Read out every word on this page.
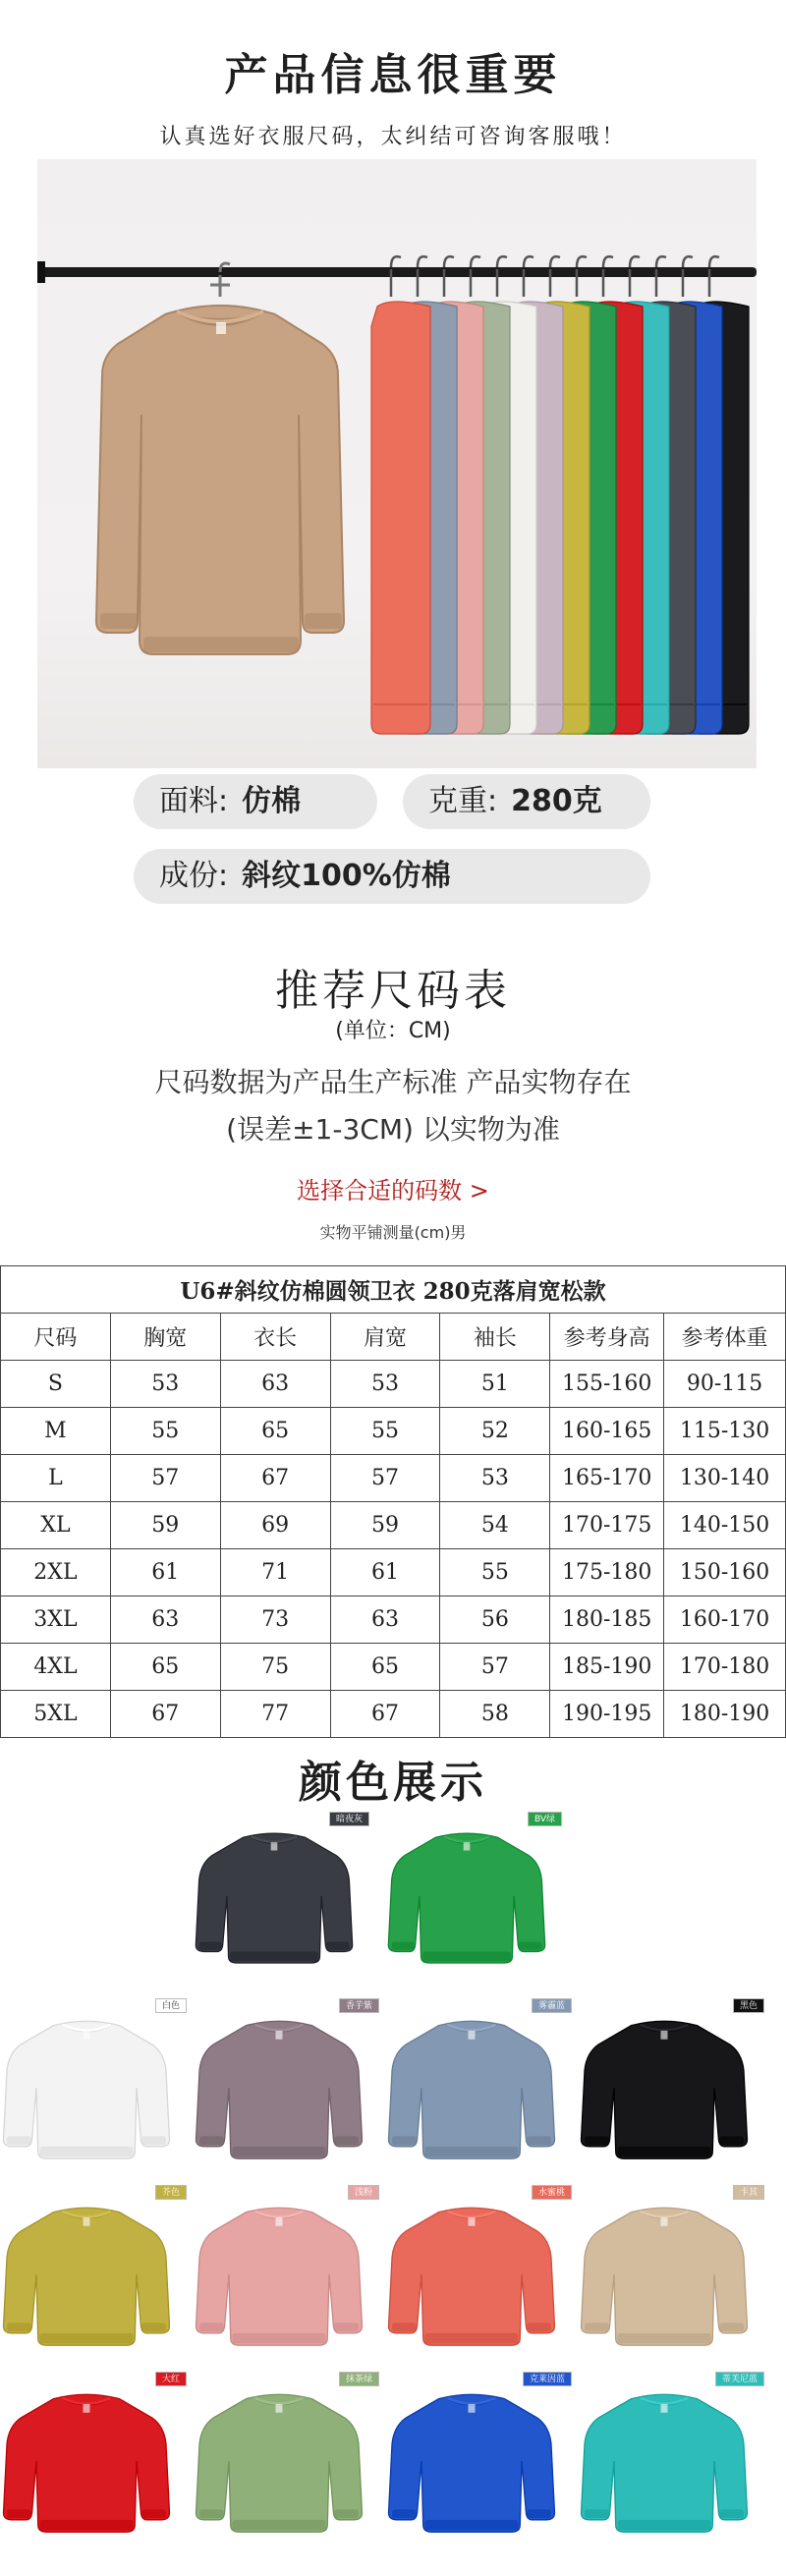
产品信息很重要
认真选好衣服尺码，太纠结可咨询客服哦！
面料: 仿棉	克重: 280克
成份: 斜纹100%仿棉
推荐尺码表
(单位：CM)
尺码数据为产品生产标准 产品实物存在
(误差±1-3CM) 以实物为准
选择合适的码数 >
实物平铺测量(cm)男
U6#斜纹仿棉圆领卫衣 280克落肩宽松款						
尺码	胸宽	衣长	肩宽	袖长	参考身高	参考体重
S	53	63	53	51	155-160	90-115
M	55	65	55	52	160-165	115-130
L	57	67	57	53	165-170	130-140
XL	59	69	59	54	170-175	140-150
2XL	61	71	61	55	175-180	150-160
3XL	63	73	63	56	180-185	160-170
4XL	65	75	65	57	185-190	170-180
5XL	67	77	67	58	190-195	180-190
颜色展示
暗夜灰	BV绿
白色	香芋紫	雾霾蓝	黑色
芥色	浅粉	水蜜桃	卡其
大红	抹茶绿	克莱因蓝	蒂芙尼蓝
